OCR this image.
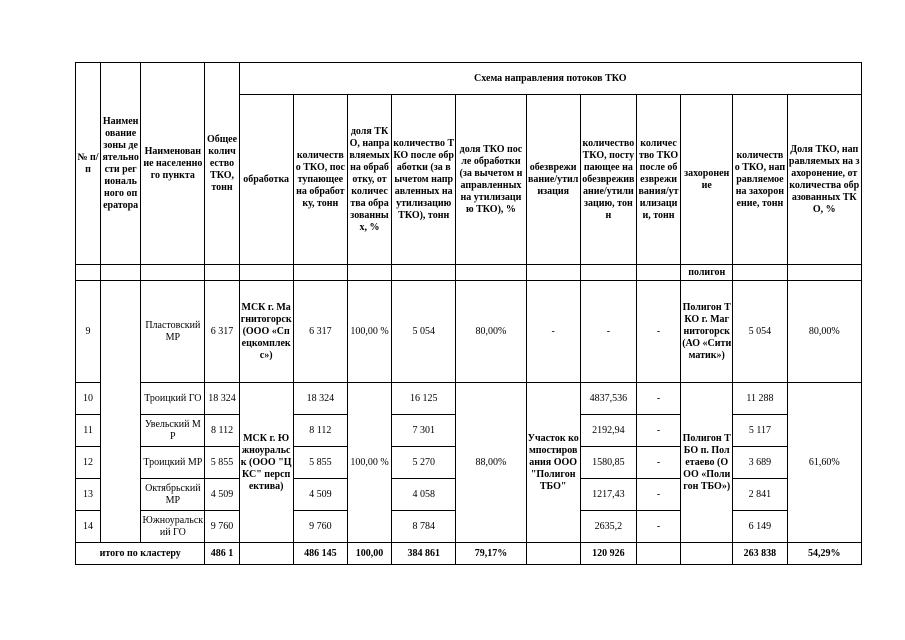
№ п/п	Наименование зоны деятельности регионального оператора	Наименование населенного пункта	Общее количество ТКО, тонн	Схема направления потоков ТКО										
				обработка	количество ТКО, поступающее на обработку, тонн	доля ТКО, направляемых на обработку, от количества образованных, %	количество ТКО после обработки (за вычетом направленных на утилизацию ТКО), тонн	доля ТКО после обработки (за вычетом направленных на утилизацию ТКО), %	обезвреживание/утилизация	количество ТКО, поступающее на обезвреживание/утилизацию, тонн	количество ТКО после обезвреживания/утилизации, тонн	захоронение	количество ТКО, направляемое на захоронение, тонн	Доля ТКО, направляемых на захоронение, от количества образованных ТКО, %
												полигон		
9		Пластовский МР	6 317	МСК г. Магнитогорск (ООО «Спецкомплекс»)	6 317	100,00 %	5 054	80,00%	-	-	-	Полигон ТКО г. Магнитогорск (АО «Ситиматик»)	5 054	80,00%
10		Троицкий ГО	18 324	МСК г. Южноуральск (ООО "ЦКС" перспектива)	18 324	100,00 %	16 125	88,00%	Участок компостирования ООО "Полигон ТБО"	4837,536	-	Полигон ТБО п. Полетаево (ООО «Полигон ТБО»)	11 288	61,60%
11		Увельский МР	8 112		8 112		7 301			2192,94	-		5 117	
12		Троицкий МР	5 855		5 855		5 270			1580,85	-		3 689	
13		Октябрьский МР	4 509		4 509		4 058			1217,43	-		2 841	
14		Южноуральский ГО	9 760		9 760		8 784			2635,2	-		6 149	
итого по кластеру			486 1		486 145	100,00	384 861	79,17%		120 926			263 838	54,29%
